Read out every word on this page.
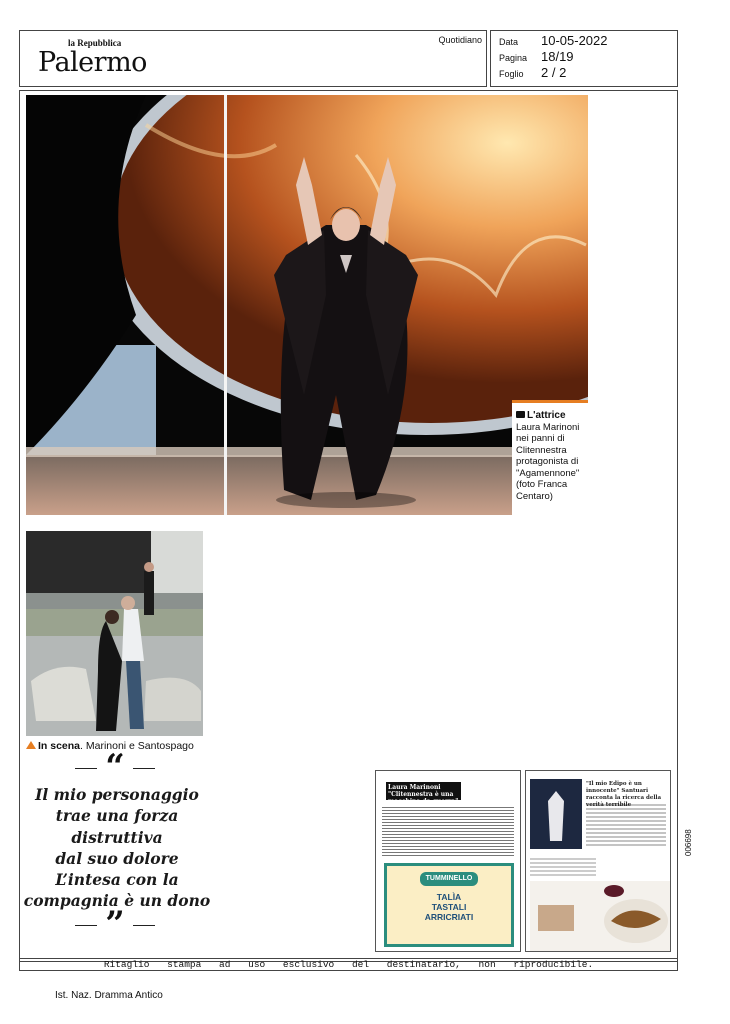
la Repubblica
Palermo
Quotidiano Data 10-05-2022
Pagina 18/19
Foglio 2 / 2
L'attrice
Laura Marinoni nei panni di Clitennestra protagonista di "Agamennone" (foto Franca Centaro)
In scena. Marinoni e Santospago
“
Il mio personaggio
trae una forza
distruttiva
dal suo dolore
L’intesa con la
compagnia è un dono
”
Laura Marinoni "Clitennestra è una macchina da guerra"
TUMMINELLO
TALÌA
TASTALI
ARRICRIATI
"Il mio Edipo è un innocente" Santuari racconta la ricerca della verità terribile
006698
Ritaglio stampa ad uso esclusivo del destinatario, non riproducibile.
Ist. Naz. Dramma Antico
